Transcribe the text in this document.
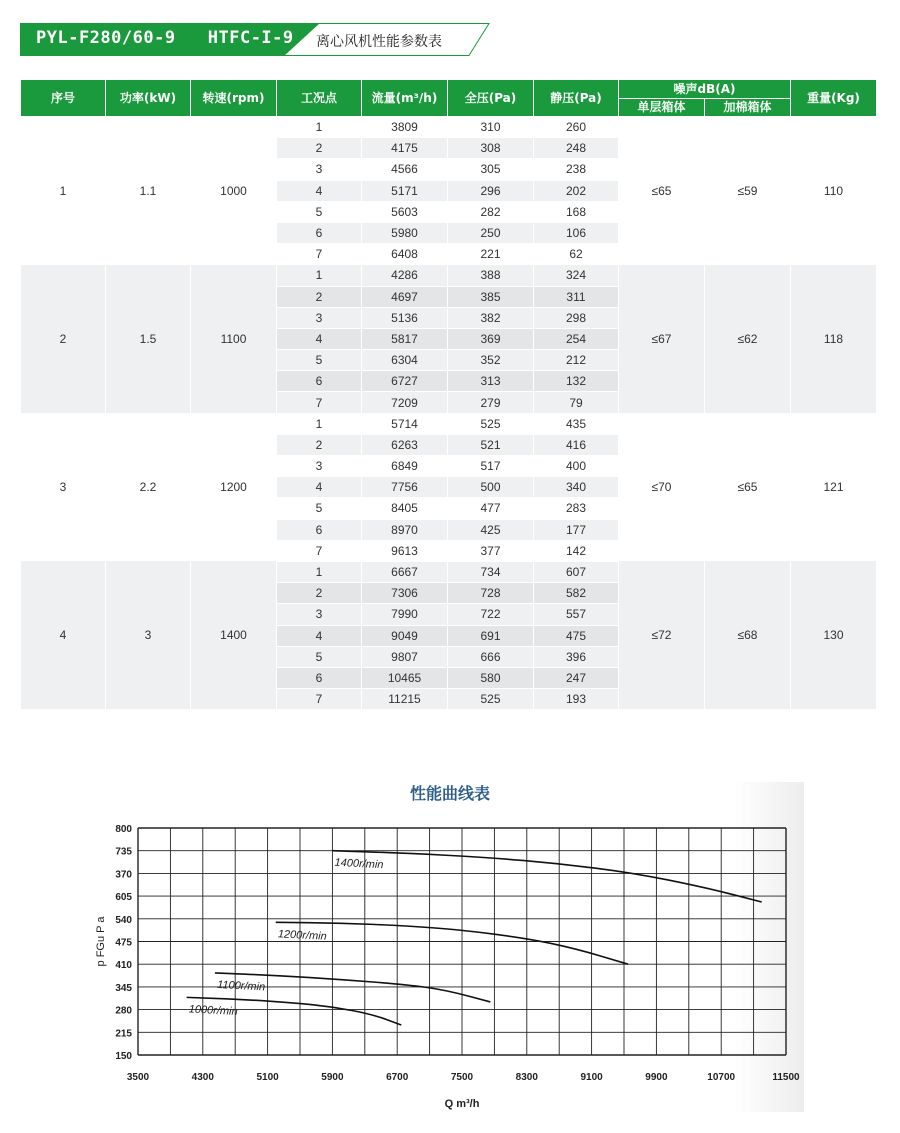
PYL-F280/60-9   HTFC-I-9 离心风机性能参数表
序号	功率(kW)	转速(rpm)	工况点	流量(m³/h)	全压(Pa)	静压(Pa)	噪声dB(A)		重量(Kg)
							单层箱体	加棉箱体	
1	1.1	1000	1	3809	310	260	≤65	≤59	110
			2	4175	308	248			
			3	4566	305	238			
			4	5171	296	202			
			5	5603	282	168			
			6	5980	250	106			
			7	6408	221	62			
2	1.5	1100	1	4286	388	324	≤67	≤62	118
			2	4697	385	311			
			3	5136	382	298			
			4	5817	369	254			
			5	6304	352	212			
			6	6727	313	132			
			7	7209	279	79			
3	2.2	1200	1	5714	525	435	≤70	≤65	121
			2	6263	521	416			
			3	6849	517	400			
			4	7756	500	340			
			5	8405	477	283			
			6	8970	425	177			
			7	9613	377	142			
4	3	1400	1	6667	734	607	≤72	≤68	130
			2	7306	728	582			
			3	7990	722	557			
			4	9049	691	475			
			5	9807	666	396			
			6	10465	580	247			
			7	11215	525	193			
性能曲线表
800
735
370
605
540
475
410
345
280
215
150
3500	4300	5100	5900	6700	7500	8300	9100	9900	10700	11500
Q m³/h
p FGu P a
1400r/min
1200r/min
1100r/min
1000r/min
